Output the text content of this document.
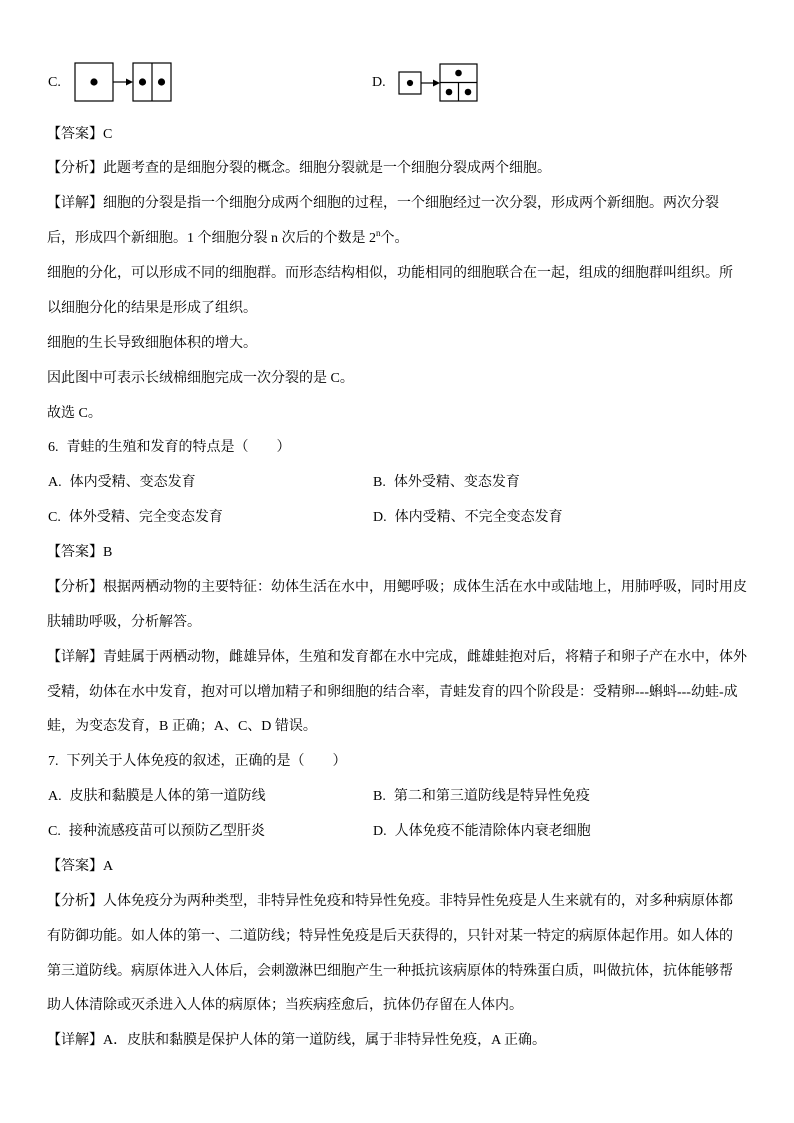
C.	D.
【答案】C
【分析】此题考查的是细胞分裂的概念。细胞分裂就是一个细胞分裂成两个细胞。
【详解】细胞的分裂是指一个细胞分成两个细胞的过程，一个细胞经过一次分裂，形成两个新细胞。两次分裂
后，形成四个新细胞。1 个细胞分裂 n 次后的个数是 2$^n$个。
细胞的分化，可以形成不同的细胞群。而形态结构相似，功能相同的细胞联合在一起，组成的细胞群叫组织。所
以细胞分化的结果是形成了组织。
细胞的生长导致细胞体积的增大。
因此图中可表示长绒棉细胞完成一次分裂的是 C。
故选 C。
6. 青蛙的生殖和发育的特点是（　　）
A. 体内受精、变态发育	B. 体外受精、变态发育
C. 体外受精、完全变态发育	D. 体内受精、不完全变态发育
【答案】B
【分析】根据两栖动物的主要特征：幼体生活在水中，用鳃呼吸；成体生活在水中或陆地上，用肺呼吸，同时用皮
肤辅助呼吸，分析解答。
【详解】青蛙属于两栖动物，雌雄异体，生殖和发育都在水中完成，雌雄蛙抱对后，将精子和卵子产在水中，体外
受精，幼体在水中发育，抱对可以增加精子和卵细胞的结合率，青蛙发育的四个阶段是：受精卵---蝌蚪---幼蛙-成
蛙，为变态发育，B 正确；A、C、D 错误。
7. 下列关于人体免疫的叙述，正确的是（　　）
A. 皮肤和黏膜是人体的第一道防线	B. 第二和第三道防线是特异性免疫
C. 接种流感疫苗可以预防乙型肝炎	D. 人体免疫不能清除体内衰老细胞
【答案】A
【分析】人体免疫分为两种类型，非特异性免疫和特异性免疫。非特异性免疫是人生来就有的，对多种病原体都
有防御功能。如人体的第一、二道防线；特异性免疫是后天获得的，只针对某一特定的病原体起作用。如人体的
第三道防线。病原体进入人体后，会刺激淋巴细胞产生一种抵抗该病原体的特殊蛋白质，叫做抗体，抗体能够帮
助人体清除或灭杀进入人体的病原体；当疾病痊愈后，抗体仍存留在人体内。
【详解】A．皮肤和黏膜是保护人体的第一道防线，属于非特异性免疫，A 正确。
